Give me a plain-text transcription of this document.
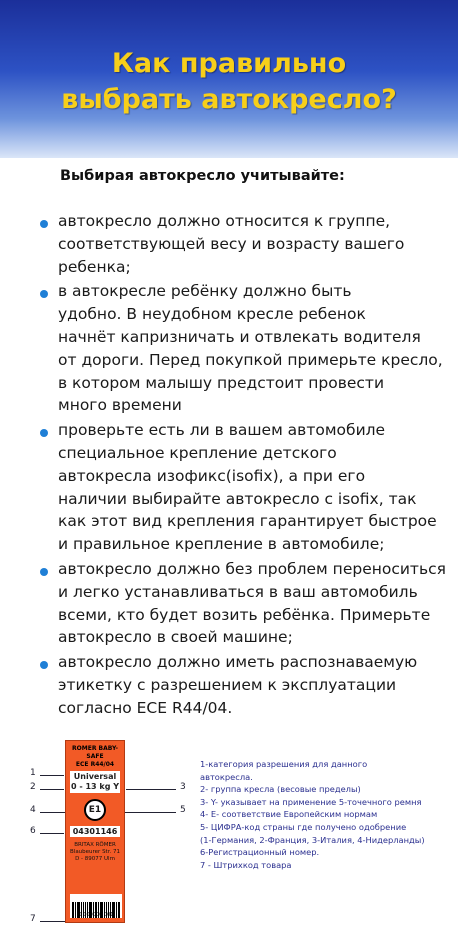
Как правильно
выбрать автокресло?
Выбирая автокресло учитывайте:
автокресло должно относится к группе,
соответствующей весу и возрасту вашего
ребенка;
в автокресле ребёнку должно быть
удобно. В неудобном кресле ребенок
начнёт капризничать и отвлекать водителя
от дороги. Перед покупкой примерьте кресло,
в котором малышу предстоит провести
много времени
проверьте есть ли в вашем автомобиле
специальное крепление детского
автокресла изофикс(isofix), а при его
наличии выбирайте автокресло с isofix, так
как этот вид крепления гарантирует быстрое
и правильное крепление в автомобиле;
автокресло должно без проблем переноситься
и легко устанавливаться в ваш автомобиль
всеми, кто будет возить ребёнка. Примерьте
автокресло в своей машине;
автокресло должно иметь распознаваемую
этикетку с разрешением к эксплуатации
согласно ECE R44/04.
1
2	3
4	5
6
7
ROMER BABY-SAFE
ECE R44/04
Universal
0 - 13 kg Y
E1
04301146
BRITAX RÖMER
Blaubeurer Str. 71
D - 89077 Ulm
0 000000 001
1-категория разрешения для данного
автокресла.
2- группа кресла (весовые пределы)
3- Y- указывает на применение 5-точечного ремня
4- Е- соответствие Европейским нормам
5- ЦИФРА-код страны где получено одобрение
(1-Германия, 2-Франция, 3-Италия, 4-Нидерланды)
6-Регистрационный номер.
7 - Штрихкод товара
